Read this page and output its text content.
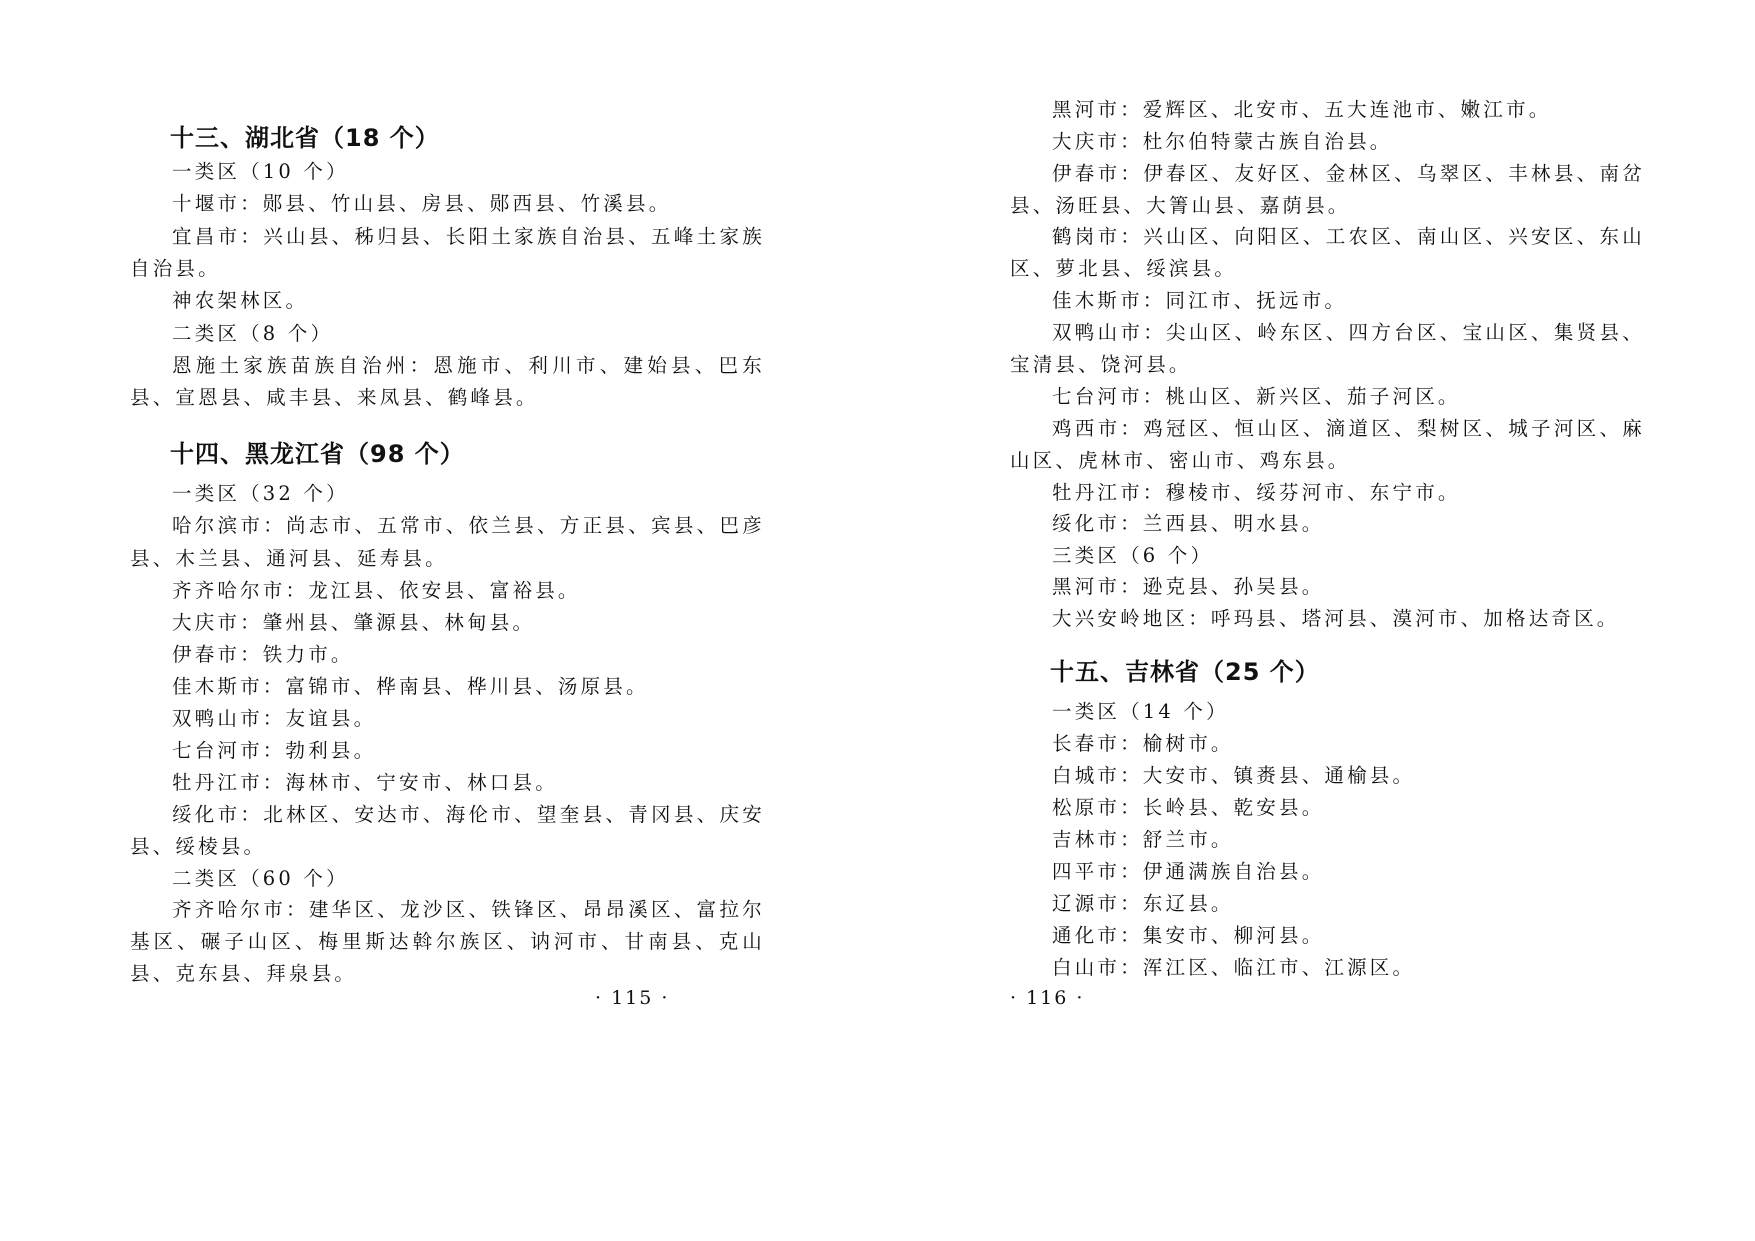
十三、湖北省（18 个）
一类区（10 个）
十堰市：郧县、竹山县、房县、郧西县、竹溪县。
宜昌市：兴山县、秭归县、长阳土家族自治县、五峰土家族
自治县。
神农架林区。
二类区（8 个）
恩施土家族苗族自治州：恩施市、利川市、建始县、巴东
县、宣恩县、咸丰县、来凤县、鹤峰县。
十四、黑龙江省（98 个）
一类区（32 个）
哈尔滨市：尚志市、五常市、依兰县、方正县、宾县、巴彦
县、木兰县、通河县、延寿县。
齐齐哈尔市：龙江县、依安县、富裕县。
大庆市：肇州县、肇源县、林甸县。
伊春市：铁力市。
佳木斯市：富锦市、桦南县、桦川县、汤原县。
双鸭山市：友谊县。
七台河市：勃利县。
牡丹江市：海林市、宁安市、林口县。
绥化市：北林区、安达市、海伦市、望奎县、青冈县、庆安
县、绥棱县。
二类区（60 个）
齐齐哈尔市：建华区、龙沙区、铁锋区、昂昂溪区、富拉尔
基区、碾子山区、梅里斯达斡尔族区、讷河市、甘南县、克山
县、克东县、拜泉县。
· 115 ·
黑河市：爱辉区、北安市、五大连池市、嫩江市。
大庆市：杜尔伯特蒙古族自治县。
伊春市：伊春区、友好区、金林区、乌翠区、丰林县、南岔
县、汤旺县、大箐山县、嘉荫县。
鹤岗市：兴山区、向阳区、工农区、南山区、兴安区、东山
区、萝北县、绥滨县。
佳木斯市：同江市、抚远市。
双鸭山市：尖山区、岭东区、四方台区、宝山区、集贤县、
宝清县、饶河县。
七台河市：桃山区、新兴区、茄子河区。
鸡西市：鸡冠区、恒山区、滴道区、梨树区、城子河区、麻
山区、虎林市、密山市、鸡东县。
牡丹江市：穆棱市、绥芬河市、东宁市。
绥化市：兰西县、明水县。
三类区（6 个）
黑河市：逊克县、孙吴县。
大兴安岭地区：呼玛县、塔河县、漠河市、加格达奇区。
十五、吉林省（25 个）
一类区（14 个）
长春市：榆树市。
白城市：大安市、镇赉县、通榆县。
松原市：长岭县、乾安县。
吉林市：舒兰市。
四平市：伊通满族自治县。
辽源市：东辽县。
通化市：集安市、柳河县。
白山市：浑江区、临江市、江源区。
· 116 ·
